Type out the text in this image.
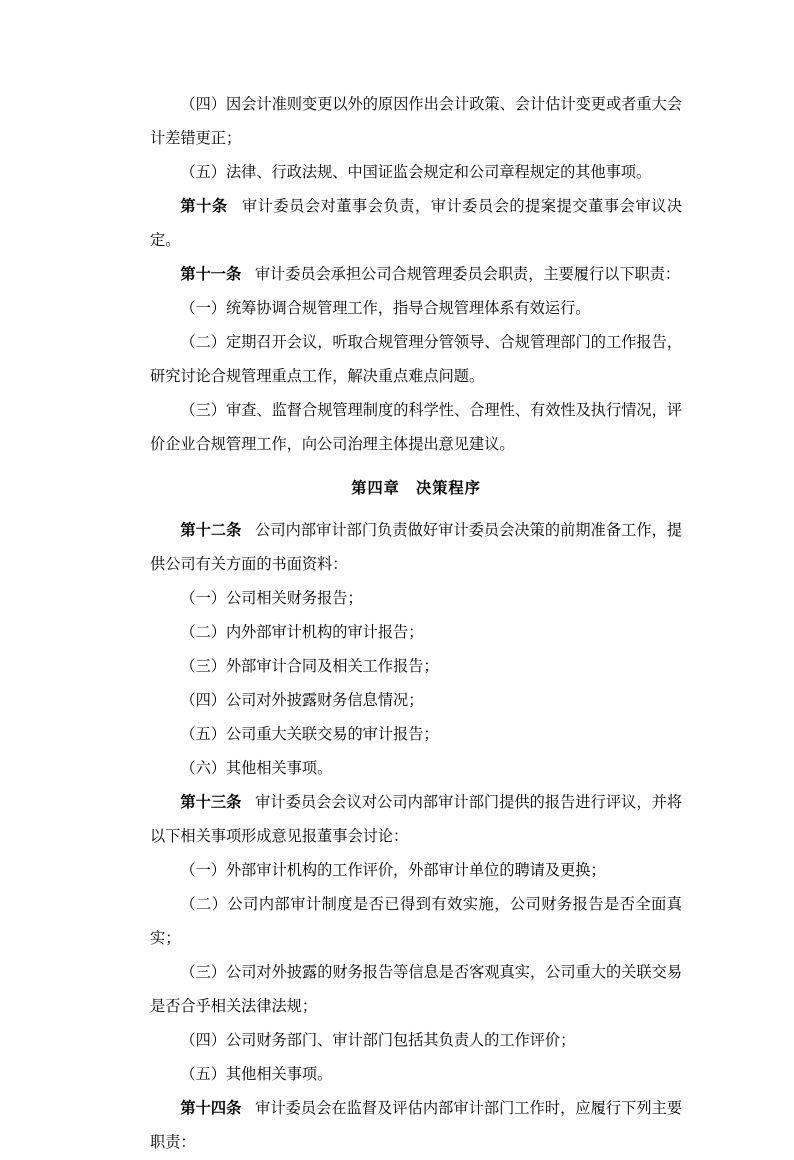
（四）因会计准则变更以外的原因作出会计政策、会计估计变更或者重大会计差错更正；

（五）法律、行政法规、中国证监会规定和公司章程规定的其他事项。

第十条 审计委员会对董事会负责，审计委员会的提案提交董事会审议决定。

第十一条 审计委员会承担公司合规管理委员会职责，主要履行以下职责：

（一）统筹协调合规管理工作，指导合规管理体系有效运行。

（二）定期召开会议，听取合规管理分管领导、合规管理部门的工作报告，研究讨论合规管理重点工作，解决重点难点问题。

（三）审查、监督合规管理制度的科学性、合理性、有效性及执行情况，评价企业合规管理工作，向公司治理主体提出意见建议。

第四章　决策程序

第十二条 公司内部审计部门负责做好审计委员会决策的前期准备工作，提供公司有关方面的书面资料：

（一）公司相关财务报告；

（二）内外部审计机构的审计报告；

（三）外部审计合同及相关工作报告；

（四）公司对外披露财务信息情况；

（五）公司重大关联交易的审计报告；

（六）其他相关事项。

第十三条 审计委员会会议对公司内部审计部门提供的报告进行评议，并将以下相关事项形成意见报董事会讨论：

（一）外部审计机构的工作评价，外部审计单位的聘请及更换；

（二）公司内部审计制度是否已得到有效实施，公司财务报告是否全面真实；

（三）公司对外披露的财务报告等信息是否客观真实，公司重大的关联交易是否合乎相关法律法规；

（四）公司财务部门、审计部门包括其负责人的工作评价；

（五）其他相关事项。

第十四条 审计委员会在监督及评估内部审计部门工作时，应履行下列主要职责：
